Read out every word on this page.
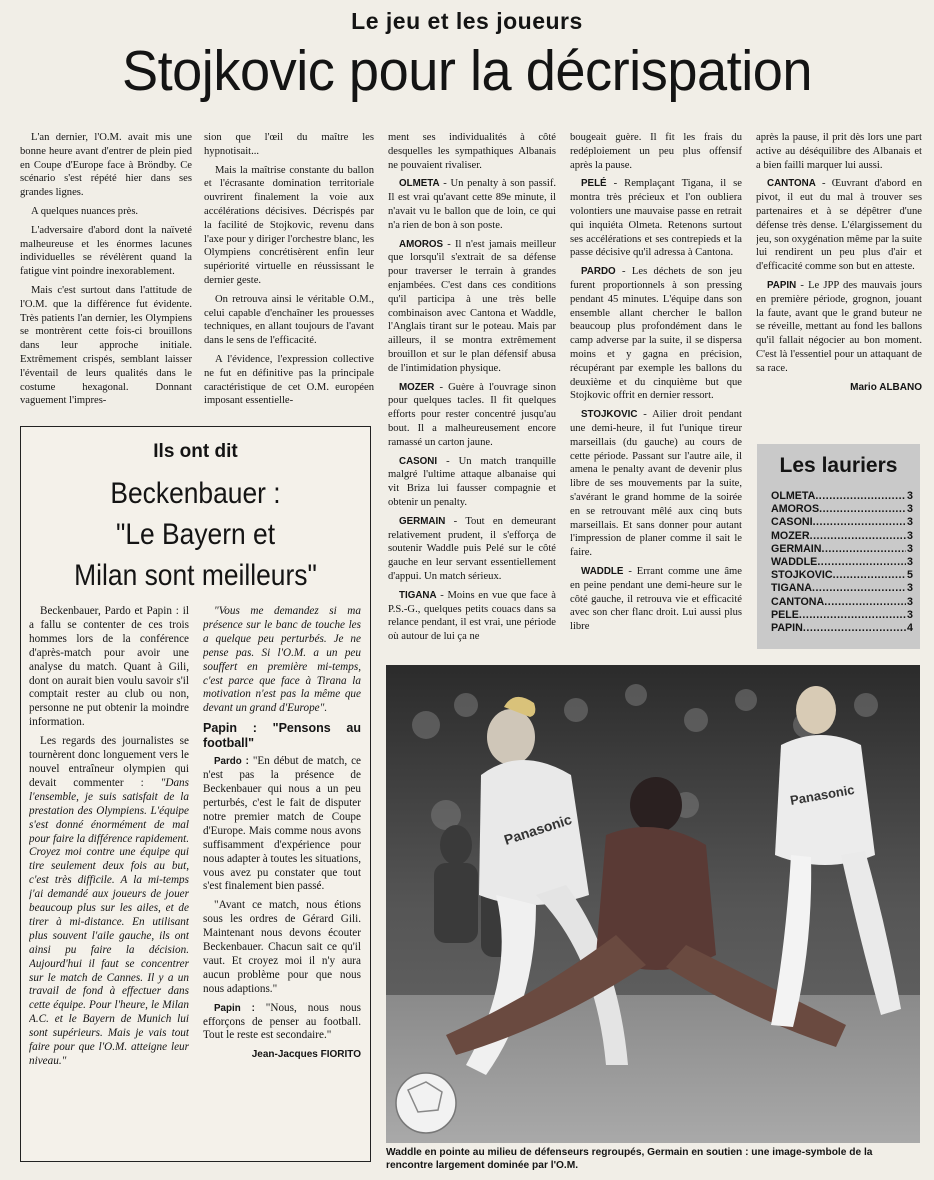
Le jeu et les joueurs
Stojkovic pour la décrispation

L'an dernier, l'O.M. avait mis une bonne heure avant d'entrer de plein pied en Coupe d'Europe face à Bröndby. Ce scénario s'est répété hier dans ses grandes lignes.

A quelques nuances près.

L'adversaire d'abord dont la naïveté malheureuse et les énormes lacunes individuelles se révélèrent quand la fatigue vint poindre inexorablement.

Mais c'est surtout dans l'attitude de l'O.M. que la différence fut évidente. Très patients l'an dernier, les Olympiens se montrèrent cette fois-ci brouillons dans leur approche initiale. Extrêmement crispés, semblant laisser l'éventail de leurs qualités dans le costume hexagonal. Donnant vaguement l'impres-

sion que l'œil du maître les hypnotisait...

Mais la maîtrise constante du ballon et l'écrasante domination territoriale ouvrirent finalement la voie aux accélérations décisives. Décrispés par la facilité de Stojkovic, revenu dans l'axe pour y diriger l'orchestre blanc, les Olympiens concrétisèrent enfin leur supériorité virtuelle en réussissant le dernier geste.

On retrouva ainsi le véritable O.M., celui capable d'enchaîner les prouesses techniques, en allant toujours de l'avant dans le sens de l'efficacité.

A l'évidence, l'expression collective ne fut en définitive pas la principale caractéristique de cet O.M. européen imposant essentielle-

ment ses individualités à côté desquelles les sympathiques Albanais ne pouvaient rivaliser.

OLMETA - Un penalty à son passif. Il est vrai qu'avant cette 89e minute, il n'avait vu le ballon que de loin, ce qui n'a rien de bon à son poste.

AMOROS - Il n'est jamais meilleur que lorsqu'il s'extrait de sa défense pour traverser le terrain à grandes enjambées. C'est dans ces conditions qu'il participa à une très belle combinaison avec Cantona et Waddle, l'Anglais tirant sur le poteau. Mais par ailleurs, il se montra extrêmement brouillon et sur le plan défensif abusa de l'intimidation physique.

MOZER - Guère à l'ouvrage sinon pour quelques tacles. Il fit quelques efforts pour rester concentré jusqu'au bout. Il a malheureusement encore ramassé un carton jaune.

CASONI - Un match tranquille malgré l'ultime attaque albanaise qui vit Briza lui fausser compagnie et obtenir un penalty.

GERMAIN - Tout en demeurant relativement prudent, il s'efforça de soutenir Waddle puis Pelé sur le côté gauche en leur servant essentiellement d'appui. Un match sérieux.

TIGANA - Moins en vue que face à P.S.-G., quelques petits couacs dans sa relance pendant, il est vrai, une période où autour de lui ça ne

bougeait guère. Il fit les frais du redéploiement un peu plus offensif après la pause.

PELÉ - Remplaçant Tigana, il se montra très précieux et l'on oubliera volontiers une mauvaise passe en retrait qui inquiéta Olmeta. Retenons surtout ses accélérations et ses contrepieds et la passe décisive qu'il adressa à Cantona.

PARDO - Les déchets de son jeu furent proportionnels à son pressing pendant 45 minutes. L'équipe dans son ensemble allant chercher le ballon beaucoup plus profondément dans le camp adverse par la suite, il se dispersa moins et y gagna en précision, récupérant par exemple les ballons du deuxième et du cinquième but que Stojkovic offrit en dernier ressort.

STOJKOVIC - Ailier droit pendant une demi-heure, il fut l'unique tireur marseillais (du gauche) au cours de cette période. Passant sur l'autre aile, il amena le penalty avant de devenir plus libre de ses mouvements par la suite, s'avérant le grand homme de la soirée en se retrouvant mêlé aux cinq buts marseillais. Et sans donner pour autant l'impression de planer comme il sait le faire.

WADDLE - Errant comme une âme en peine pendant une demi-heure sur le côté gauche, il retrouva vie et efficacité avec son cher flanc droit. Lui aussi plus libre

après la pause, il prit dès lors une part active au déséquilibre des Albanais et a bien failli marquer lui aussi.

CANTONA - Œuvrant d'abord en pivot, il eut du mal à trouver ses partenaires et à se dépêtrer d'une défense très dense. L'élargissement du jeu, son oxygénation même par la suite lui rendirent un peu plus d'air et d'efficacité comme son but en atteste.

PAPIN - Le JPP des mauvais jours en première période, grognon, jouant la faute, avant que le grand buteur ne se réveille, mettant au fond les ballons qu'il fallait négocier au bon moment. C'est là l'essentiel pour un attaquant de sa race.

Mario ALBANO
Ils ont dit
Beckenbauer :
"Le Bayern et
Milan sont meilleurs"

Beckenbauer, Pardo et Papin : il a fallu se contenter de ces trois hommes lors de la conférence d'après-match pour avoir une analyse du match. Quant à Gili, dont on aurait bien voulu savoir s'il comptait rester au club ou non, personne ne put obtenir la moindre information.

Les regards des journalistes se tournèrent donc longuement vers le nouvel entraîneur olympien qui devait commenter : "Dans l'ensemble, je suis satisfait de la prestation des Olympiens. L'équipe s'est donné énormément de mal pour faire la différence rapidement. Croyez moi contre une équipe qui tire seulement deux fois au but, c'est très difficile. A la mi-temps j'ai demandé aux joueurs de jouer beaucoup plus sur les ailes, et de tirer à mi-distance. En utilisant plus souvent l'aile gauche, ils ont ainsi pu faire la décision. Aujourd'hui il faut se concentrer sur le match de Cannes. Il y a un travail de fond à effectuer dans cette équipe. Pour l'heure, le Milan A.C. et le Bayern de Munich lui sont supérieurs. Mais je vais tout faire pour que l'O.M. atteigne leur niveau."

"Vous me demandez si ma présence sur le banc de touche les a quelque peu perturbés. Je ne pense pas. Si l'O.M. a un peu souffert en première mi-temps, c'est parce que face à Tirana la motivation n'est pas la même que devant un grand d'Europe".

Papin : "Pensons au football"

Pardo : "En début de match, ce n'est pas la présence de Beckenbauer qui nous a un peu perturbés, c'est le fait de disputer notre premier match de Coupe d'Europe. Mais comme nous avons suffisamment d'expérience pour nous adapter à toutes les situations, vous avez pu constater que tout s'est finalement bien passé.

"Avant ce match, nous étions sous les ordres de Gérard Gili. Maintenant nous devons écouter Beckenbauer. Chacun sait ce qu'il vaut. Et croyez moi il n'y aura aucun problème pour que nous nous adaptions."

Papin : "Nous, nous nous efforçons de penser au football. Tout le reste est secondaire."

Jean-Jacques FIORITO
Les lauriers
OLMETA .....	3
AMOROS .....	3
CASONI .....	3
MOZER .....	3
GERMAIN .....	3
WADDLE .....	3
STOJKOVIC .....	5
TIGANA .....	3
CANTONA .....	3
PELE .....	3
PAPIN .....	4
Panasonic
Panasonic
Waddle en pointe au milieu de défenseurs regroupés, Germain en soutien : une image-symbole de la rencontre largement dominée par l'O.M.
